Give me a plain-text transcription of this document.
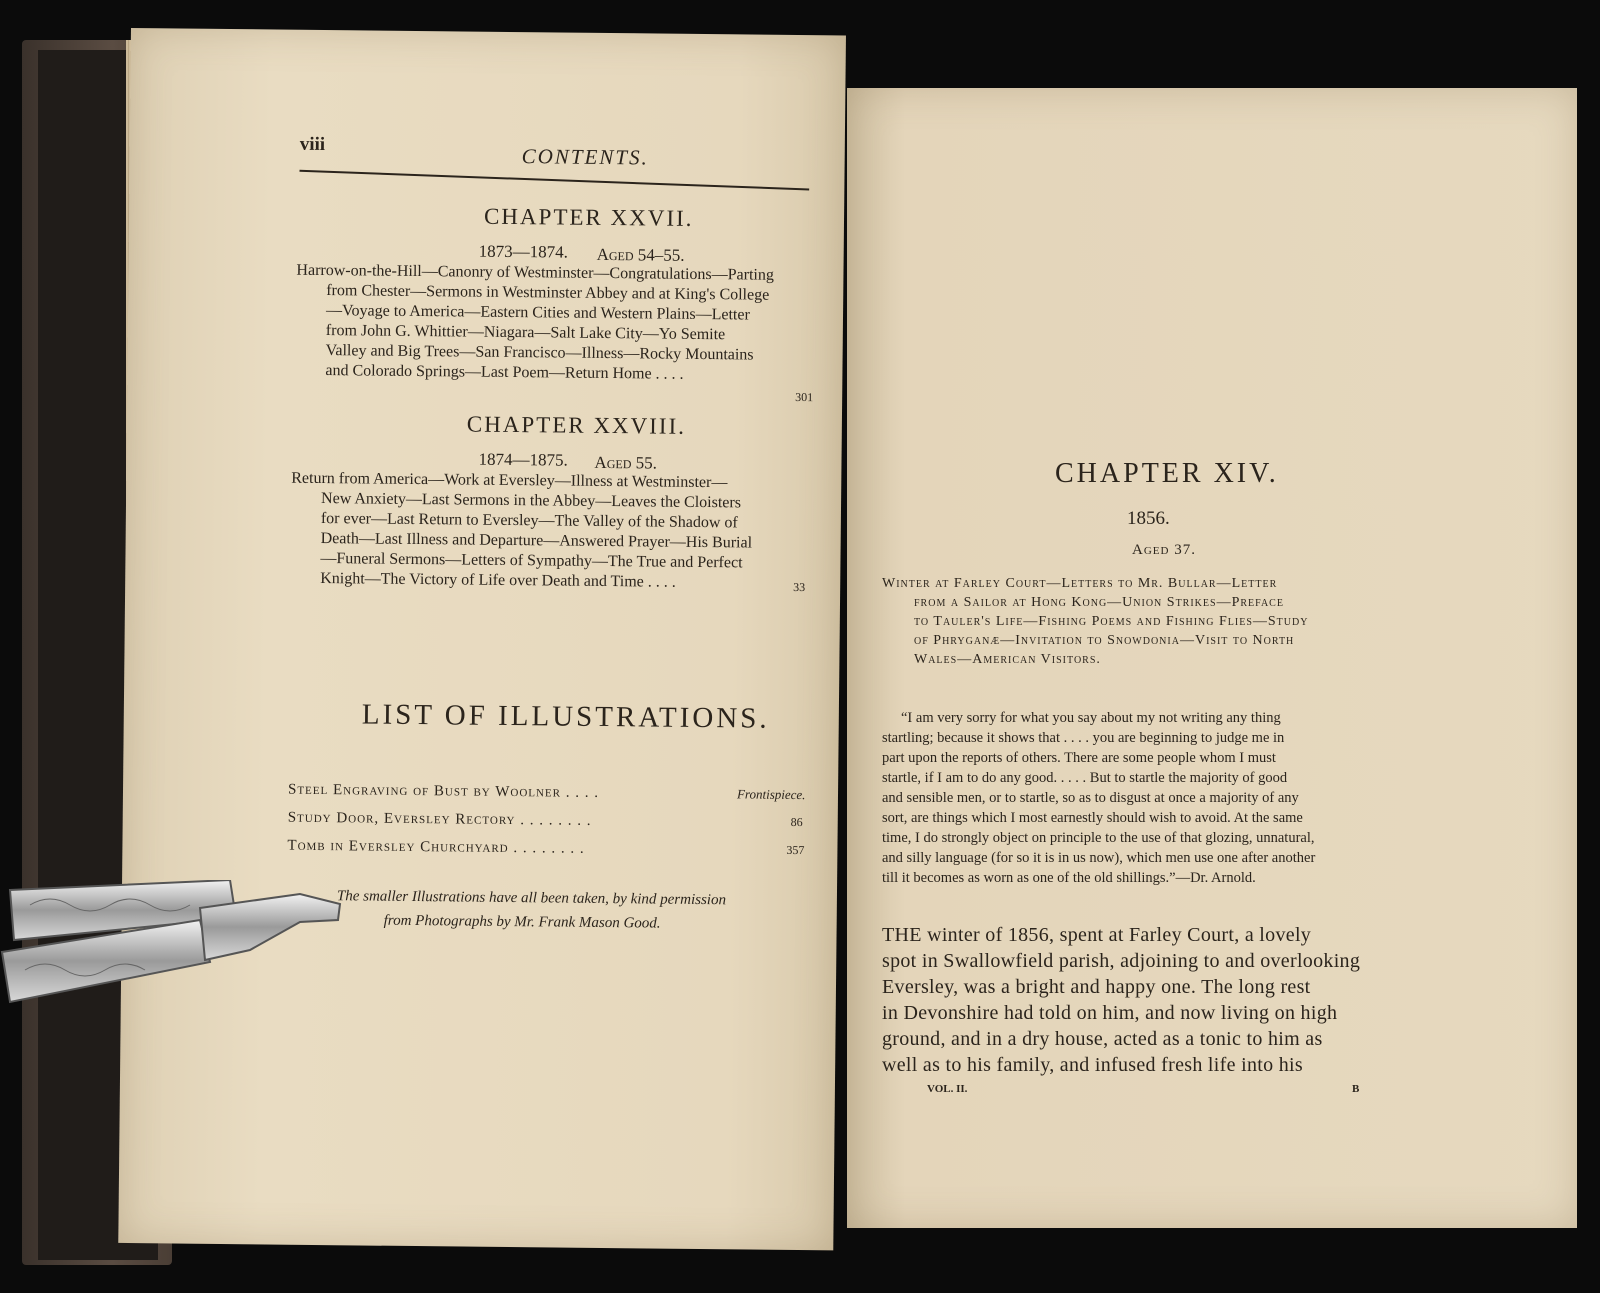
viii	CONTENTS.
CHAPTER XXVII.
1873—1874. Aged 54–55.
Harrow-on-the-Hill—Canonry of Westminster—Congratulations—Parting
from Chester—Sermons in Westminster Abbey and at King's College
—Voyage to America—Eastern Cities and Western Plains—Letter
from John G. Whittier—Niagara—Salt Lake City—Yo Semite
Valley and Big Trees—San Francisco—Illness—Rocky Mountains
and Colorado Springs—Last Poem—Return Home . . . .
301
CHAPTER XXVIII.
1874—1875. Aged 55.
Return from America—Work at Eversley—Illness at Westminster—
New Anxiety—Last Sermons in the Abbey—Leaves the Cloisters
for ever—Last Return to Eversley—The Valley of the Shadow of
Death—Last Illness and Departure—Answered Prayer—His Burial
—Funeral Sermons—Letters of Sympathy—The True and Perfect
Knight—The Victory of Life over Death and Time . . . .	33
LIST OF ILLUSTRATIONS.
Steel Engraving of Bust by Woolner . . . .	Frontispiece.
Study Door, Eversley Rectory . . . . . . . .	86
Tomb in Eversley Churchyard . . . . . . . .	357
The smaller Illustrations have all been taken, by kind permission
from Photographs by Mr. Frank Mason Good.
CHAPTER XIV.
1856.
Aged 37.
Winter at Farley Court—Letters to Mr. Bullar—Letter
from a Sailor at Hong Kong—Union Strikes—Preface
to Tauler's Life—Fishing Poems and Fishing Flies—Study
of Phryganæ—Invitation to Snowdonia—Visit to North
Wales—American Visitors.
“I am very sorry for what you say about my not writing any thing
startling; because it shows that . . . . you are beginning to judge me in
part upon the reports of others. There are some people whom I must
startle, if I am to do any good. . . . . But to startle the majority of good
and sensible men, or to startle, so as to disgust at once a majority of any
sort, are things which I most earnestly should wish to avoid. At the same
time, I do strongly object on principle to the use of that glozing, unnatural,
and silly language (for so it is in us now), which men use one after another
till it becomes as worn as one of the old shillings.”—Dr. Arnold.
THE winter of 1856, spent at Farley Court, a lovely
spot in Swallowfield parish, adjoining to and overlooking
Eversley, was a bright and happy one. The long rest
in Devonshire had told on him, and now living on high
ground, and in a dry house, acted as a tonic to him as
well as to his family, and infused fresh life into his
VOL. II.	B
